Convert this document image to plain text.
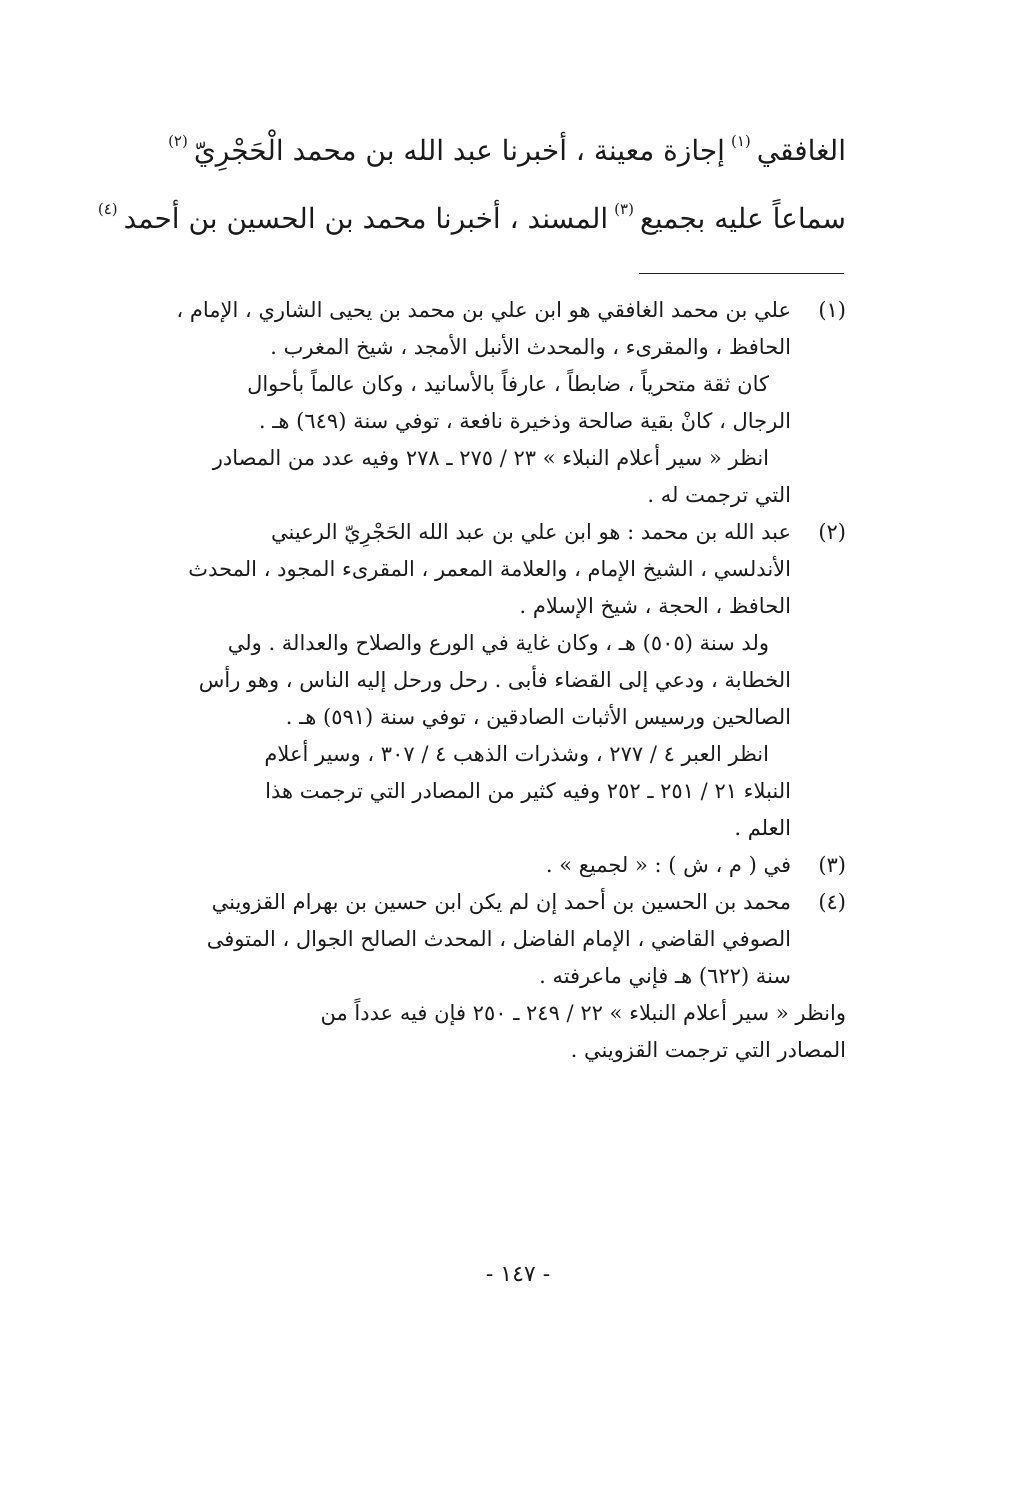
الغافقي$^{(١)}$إجازة معينة ، أخبرنا عبد الله بن محمد الْحَجْرِيّ$^{(٢)}$
سماعاً عليه بجميع$^{(٣)}$المسند ، أخبرنا محمد بن الحسين بن أحمد$^{(٤)}$
(١)
علي بن محمد الغافقي هو ابن علي بن محمد بن يحيى الشاري ، الإمام ،
الحافظ ، والمقرىء ، والمحدث الأنبل الأمجد ، شيخ المغرب .
كان ثقة متحرياً ، ضابطاً ، عارفاً بالأسانيد ، وكان عالماً بأحوال
الرجال ، كانْ بقية صالحة وذخيرة نافعة ، توفي سنة (٦٤٩) هـ .
انظر « سير أعلام النبلاء » ٢٣ / ٢٧٥ ـ ٢٧٨ وفيه عدد من المصادر
التي ترجمت له .
(٢)
عبد الله بن محمد : هو ابن علي بن عبد الله الحَجْرِيّ الرعيني
الأندلسي ، الشيخ الإمام ، والعلامة المعمر ، المقرىء المجود ، المحدث
الحافظ ، الحجة ، شيخ الإسلام .
ولد سنة (٥٠٥) هـ ، وكان غاية في الورع والصلاح والعدالة . ولي
الخطابة ، ودعي إلى القضاء فأبى . رحل ورحل إليه الناس ، وهو رأس
الصالحين ورسيس الأثبات الصادقين ، توفي سنة (٥٩١) هـ .
انظر العبر ٤ / ٢٧٧ ، وشذرات الذهب ٤ / ٣٠٧ ، وسير أعلام
النبلاء ٢١ / ٢٥١ ـ ٢٥٢ وفيه كثير من المصادر التي ترجمت هذا
العلم .
(٣)
في ( م ، ش ) : « لجميع » .
(٤)
محمد بن الحسين بن أحمد إن لم يكن ابن حسين بن بهرام القزويني
الصوفي القاضي ، الإمام الفاضل ، المحدث الصالح الجوال ، المتوفى
سنة (٦٢٢) هـ فإني ماعرفته .
وانظر « سير أعلام النبلاء » ٢٢ / ٢٤٩ ـ ٢٥٠ فإن فيه عدداً من
المصادر التي ترجمت القزويني .
- ١٤٧ -
